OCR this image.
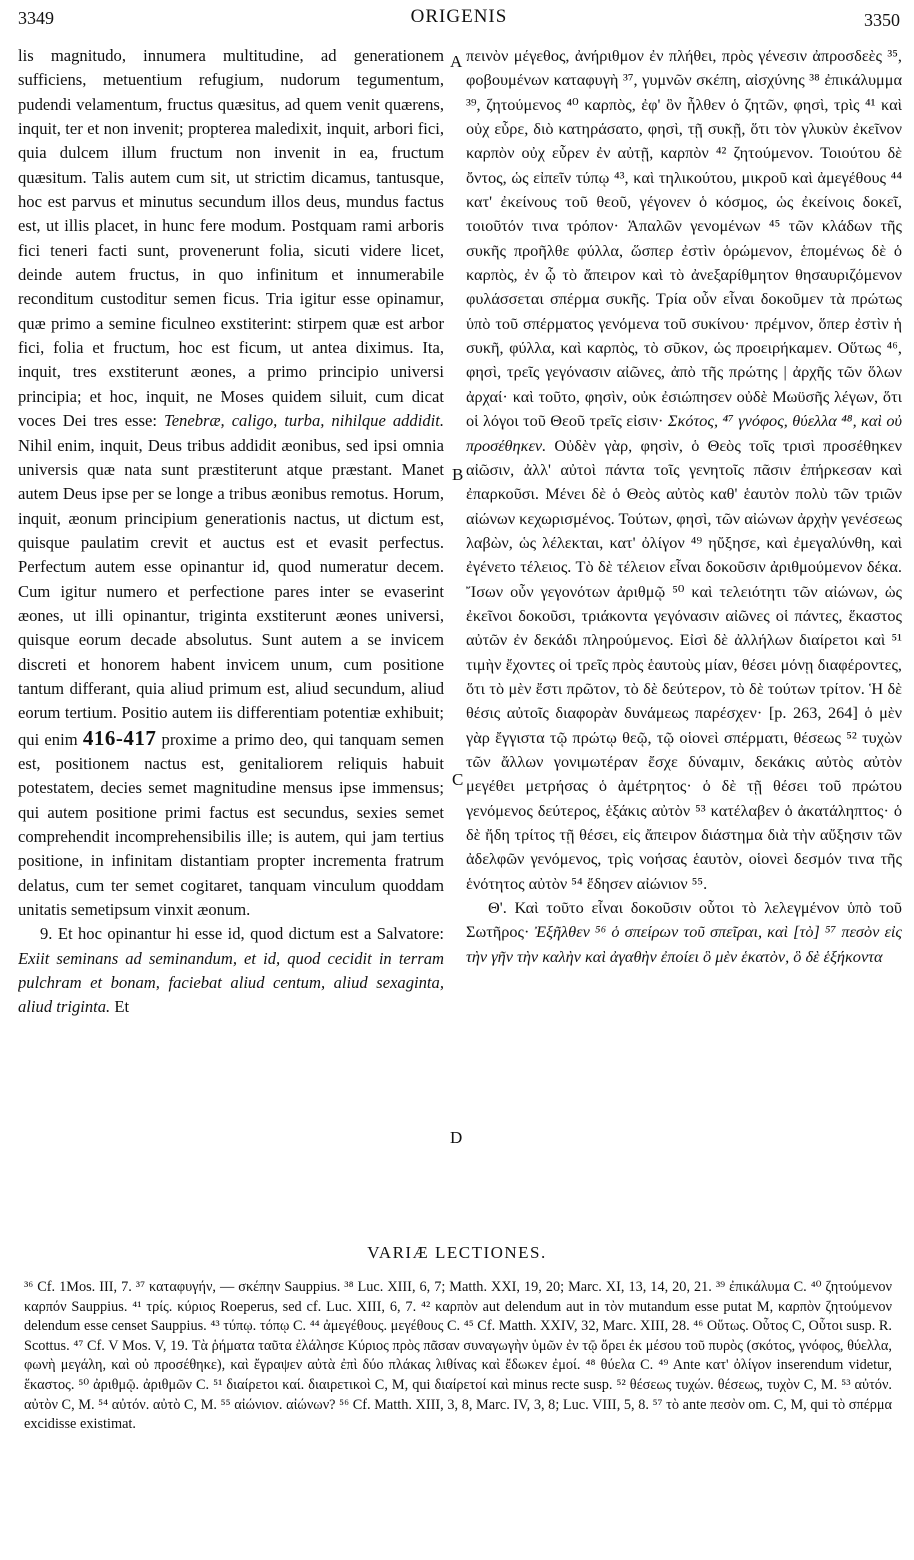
3349	ORIGENIS	3350

lis magnitudo, innumera multitudine, ad generationem sufficiens, metuentium refugium, nudorum tegumentum, pudendi velamentum, fructus quæsitus, ad quem venit quærens, inquit, ter et non invenit; propterea maledixit, inquit, arbori fici, quia dulcem illum fructum non invenit in ea, fructum quæsitum. Talis autem cum sit, ut strictim dicamus, tantusque, hoc est parvus et minutus secundum illos deus, mundus factus est, ut illis placet, in hunc fere modum. Postquam rami arboris fici teneri facti sunt, provenerunt folia, sicuti videre licet, deinde autem fructus, in quo infinitum et innumerabile reconditum custoditur semen ficus. Tria igitur esse opinamur, quæ primo a semine ficulneo exstiterint: stirpem quæ est arbor fici, folia et fructum, hoc est ficum, ut antea diximus. Ita, inquit, tres exstiterunt æones, a primo principio universi principia; et hoc, inquit, ne Moses quidem siluit, cum dicat voces Dei tres esse: Tenebræ, caligo, turba, nihilque addidit. Nihil enim, inquit, Deus tribus addidit æonibus, sed ipsi omnia universis quæ nata sunt præstiterunt atque præstant. Manet autem Deus ipse per se longe a tribus æonibus remotus. Horum, inquit, æonum principium generationis nactus, ut dictum est, quisque paulatim crevit et auctus est et evasit perfectus. Perfectum autem esse opinantur id, quod numeratur decem. Cum igitur numero et perfectione pares inter se evaserint æones, ut illi opinantur, triginta exstiterunt æones universi, quisque eorum decade absolutus. Sunt autem a se invicem discreti et honorem habent invicem unum, cum positione tantum differant, quia aliud primum est, aliud secundum, aliud eorum tertium. Positio autem iis differentiam potentiæ exhibuit; qui enim 416-417 proxime a primo deo, qui tanquam semen est, positionem nactus est, genitaliorem reliquis habuit potestatem, decies semet magnitudine mensus ipse immensus; qui autem positione primi factus est secundus, sexies semet comprehendit incomprehensibilis ille; is autem, qui jam tertius positione, in infinitam distantiam propter incrementa fratrum delatus, cum ter semet cogitaret, tanquam vinculum quoddam unitatis semetipsum vinxit æonum.

9. Et hoc opinantur hi esse id, quod dictum est a Salvatore: Exiit seminans ad seminandum, et id, quod cecidit in terram pulchram et bonam, faciebat aliud centum, aliud sexaginta, aliud triginta. Et

A
B
C
D

πεινὸν μέγεθος, ἀνήριθμον ἐν πλήθει, πρὸς γένεσιν ἀπροσδεὲς ³⁵, φοβουμένων καταφυγὴ ³⁷, γυμνῶν σκέπη, αἰσχύνης ³⁸ ἐπικάλυμμα ³⁹, ζητούμενος ⁴⁰ καρπὸς, ἐφ' ὃν ἦλθεν ὁ ζητῶν, φησὶ, τρὶς ⁴¹ καὶ οὐχ εὗρε, διὸ κατηράσατο, φησὶ, τῇ συκῇ, ὅτι τὸν γλυκὺν ἐκεῖνον καρπὸν οὐχ εὗρεν ἐν αὐτῇ, καρπὸν ⁴² ζητούμενον. Τοιούτου δὲ ὄντος, ὡς εἰπεῖν τύπῳ ⁴³, καὶ τηλικούτου, μικροῦ καὶ ἀμεγέθους ⁴⁴ κατ' ἐκείνους τοῦ θεοῦ, γέγονεν ὁ κόσμος, ὡς ἐκείνοις δοκεῖ, τοιοῦτόν τινα τρόπον· Ἁπαλῶν γενομένων ⁴⁵ τῶν κλάδων τῆς συκῆς προῆλθε φύλλα, ὥσπερ ἐστὶν ὁρώμενον, ἑπομένως δὲ ὁ καρπὸς, ἐν ᾧ τὸ ἄπειρον καὶ τὸ ἀνεξαρίθμητον θησαυριζόμενον φυλάσσεται σπέρμα συκῆς. Τρία οὖν εἶναι δοκοῦμεν τὰ πρώτως ὑπὸ τοῦ σπέρματος γενόμενα τοῦ συκίνου· πρέμνον, ὅπερ ἐστὶν ἡ συκῆ, φύλλα, καὶ καρπὸς, τὸ σῦκον, ὡς προειρήκαμεν. Οὕτως ⁴⁶, φησὶ, τρεῖς γεγόνασιν αἰῶνες, ἀπὸ τῆς πρώτης | ἀρχῆς τῶν ὅλων ἀρχαί· καὶ τοῦτο, φησὶν, οὐκ ἐσιώπησεν οὐδὲ Μωϋσῆς λέγων, ὅτι οἱ λόγοι τοῦ Θεοῦ τρεῖς εἰσιν· Σκότος, ⁴⁷ γνόφος, θύελλα ⁴⁸, καὶ οὐ προσέθηκεν. Οὐδὲν γὰρ, φησὶν, ὁ Θεὸς τοῖς τρισὶ προσέθηκεν αἰῶσιν, ἀλλ' αὐτοὶ πάντα τοῖς γενητοῖς πᾶσιν ἐπήρκεσαν καὶ ἐπαρκοῦσι. Μένει δὲ ὁ Θεὸς αὐτὸς καθ' ἑαυτὸν πολὺ τῶν τριῶν αἰώνων κεχωρισμένος. Τούτων, φησὶ, τῶν αἰώνων ἀρχὴν γενέσεως λαβὼν, ὡς λέλεκται, κατ' ὀλίγον ⁴⁹ ηὔξησε, καὶ ἐμεγαλύνθη, καὶ ἐγένετο τέλειος. Τὸ δὲ τέλειον εἶναι δοκοῦσιν ἀριθμούμενον δέκα. Ἴσων οὖν γεγονότων ἀριθμῷ ⁵⁰ καὶ τελειότητι τῶν αἰώνων, ὡς ἐκεῖνοι δοκοῦσι, τριάκοντα γεγόνασιν αἰῶνες οἱ πάντες, ἕκαστος αὐτῶν ἐν δεκάδι πληρούμενος. Εἰσὶ δὲ ἀλλήλων διαίρετοι καὶ ⁵¹ τιμὴν ἔχοντες οἱ τρεῖς πρὸς ἑαυτοὺς μίαν, θέσει μόνῃ διαφέροντες, ὅτι τὸ μὲν ἔστι πρῶτον, τὸ δὲ δεύτερον, τὸ δὲ τούτων τρίτον. Ἡ δὲ θέσις αὐτοῖς διαφορὰν δυνάμεως παρέσχεν· [p. 263, 264] ὁ μὲν γὰρ ἔγγιστα τῷ πρώτῳ θεῷ, τῷ οἱονεὶ σπέρματι, θέσεως ⁵² τυχὼν τῶν ἄλλων γονιμωτέραν ἔσχε δύναμιν, δεκάκις αὐτὸς αὐτὸν μεγέθει μετρήσας ὁ ἀμέτρητος· ὁ δὲ τῇ θέσει τοῦ πρώτου γενόμενος δεύτερος, ἑξάκις αὐτὸν ⁵³ κατέλαβεν ὁ ἀκατάληπτος· ὁ δὲ ἤδη τρίτος τῇ θέσει, εἰς ἄπειρον διάστημα διὰ τὴν αὔξησιν τῶν ἀδελφῶν γενόμενος, τρὶς νοήσας ἑαυτὸν, οἱονεὶ δεσμόν τινα τῆς ἑνότητος αὐτὸν ⁵⁴ ἔδησεν αἰώνιον ⁵⁵.

Θ'. Καὶ τοῦτο εἶναι δοκοῦσιν οὗτοι τὸ λελεγμένον ὑπὸ τοῦ Σωτῆρος· Ἐξῆλθεν ⁵⁶ ὁ σπείρων τοῦ σπεῖραι, καὶ [τὸ] ⁵⁷ πεσὸν εἰς τὴν γῆν τὴν καλὴν καὶ ἀγαθὴν ἐποίει ὃ μὲν ἑκατὸν, ὃ δὲ ἑξήκοντα

VARIÆ LECTIONES.

³⁶ Cf. 1Mos. III, 7. ³⁷ καταφυγήν, — σκέπην Sauppius. ³⁸ Luc. XIII, 6, 7; Matth. XXI, 19, 20; Marc. XI, 13, 14, 20, 21. ³⁹ ἐπικάλυμα C. ⁴⁰ ζητούμενον καρπόν Sauppius. ⁴¹ τρίς. κύριος Roeperus, sed cf. Luc. XIII, 6, 7. ⁴² καρπὸν aut delendum aut in τὸν mutandum esse putat M, καρπὸν ζητούμενον delendum esse censet Sauppius. ⁴³ τύπῳ. τόπῳ C. ⁴⁴ ἀμεγέθους. μεγέθους C. ⁴⁵ Cf. Matth. XXIV, 32, Marc. XIII, 28. ⁴⁶ Οὕτως. Οὗτος C, Οὗτοι susp. R. Scottus. ⁴⁷ Cf. V Mos. V, 19. Τὰ ῥήματα ταῦτα ἐλάλησε Κύριος πρὸς πᾶσαν συναγωγὴν ὑμῶν ἐν τῷ ὄρει ἐκ μέσου τοῦ πυρὸς (σκότος, γνόφος, θύελλα, φωνὴ μεγάλη, καὶ οὐ προσέθηκε), καὶ ἔγραψεν αὐτὰ ἐπὶ δύο πλάκας λιθίνας καὶ ἔδωκεν ἐμοί. ⁴⁸ θύελα C. ⁴⁹ Ante κατ' ὀλίγον inserendum videtur, ἕκαστος. ⁵⁰ ἀριθμῷ. ἀριθμῶν C. ⁵¹ διαίρετοι καί. διαιρετικοὶ C, M, qui διαίρετοί καὶ minus recte susp. ⁵² θέσεως τυχών. θέσεως, τυχὸν C, M. ⁵³ αὐτόν. αὐτὸν C, M. ⁵⁴ αὐτόν. αὐτὸ C, M. ⁵⁵ αἰώνιον. αἰώνων? ⁵⁶ Cf. Matth. XIII, 3, 8, Marc. IV, 3, 8; Luc. VIII, 5, 8. ⁵⁷ τὸ ante πεσὸν om. C, M, qui τὸ σπέρμα excidisse existimat.
